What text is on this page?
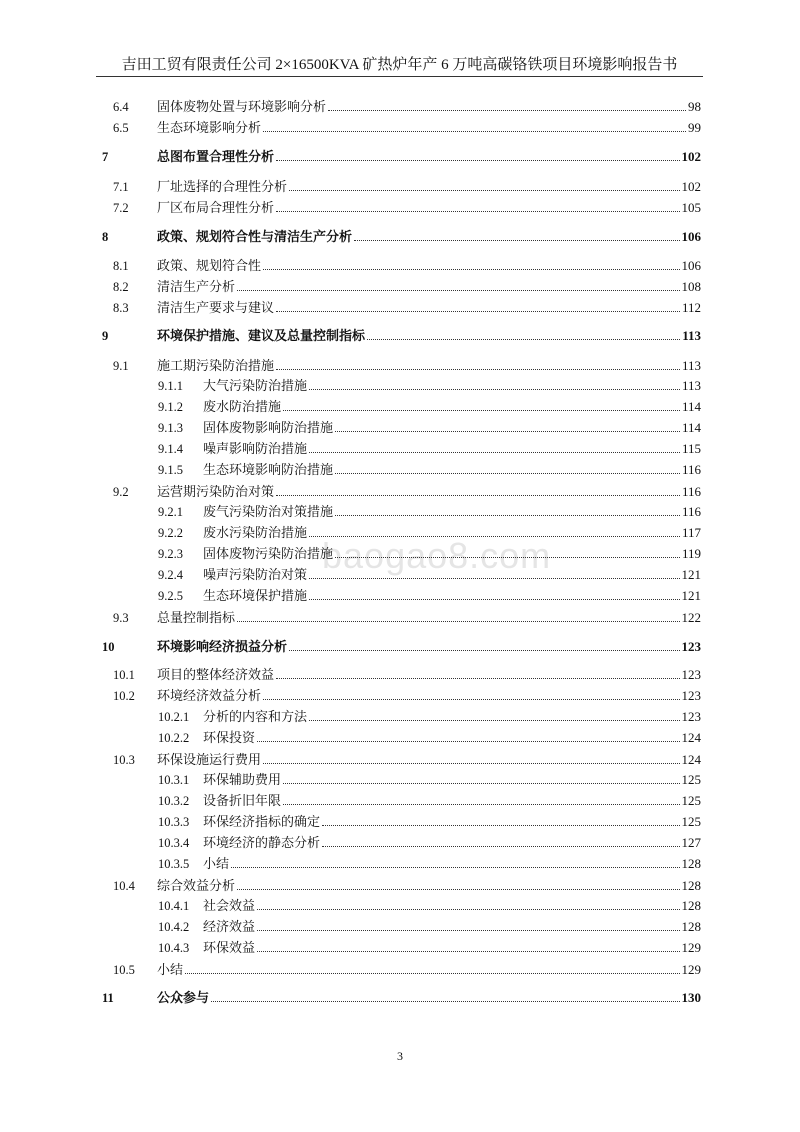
吉田工贸有限责任公司 2×16500KVA 矿热炉年产 6 万吨高碳铬铁项目环境影响报告书
baogao8.com
6.4 固体废物处置与环境影响分析	98
6.5 生态环境影响分析	99
7	总图布置合理性分析	102
7.1 厂址选择的合理性分析	102
7.2 厂区布局合理性分析	105
8	政策、规划符合性与清洁生产分析	106
8.1 政策、规划符合性	106
8.2 清洁生产分析	108
8.3 清洁生产要求与建议	112
9	环境保护措施、建议及总量控制指标	113
9.1 施工期污染防治措施	113
9.1.1 大气污染防治措施	113
9.1.2 废水防治措施	114
9.1.3 固体废物影响防治措施	114
9.1.4 噪声影响防治措施	115
9.1.5 生态环境影响防治措施	116
9.2 运营期污染防治对策	116
9.2.1 废气污染防治对策措施	116
9.2.2 废水污染防治措施	117
9.2.3 固体废物污染防治措施	119
9.2.4 噪声污染防治对策	121
9.2.5 生态环境保护措施	121
9.3 总量控制指标	122
10	环境影响经济损益分析	123
10.1 项目的整体经济效益	123
10.2 环境经济效益分析	123
10.2.1 分析的内容和方法	123
10.2.2 环保投资	124
10.3 环保设施运行费用	124
10.3.1 环保辅助费用	125
10.3.2 设备折旧年限	125
10.3.3 环保经济指标的确定	125
10.3.4 环境经济的静态分析	127
10.3.5 小结	128
10.4 综合效益分析	128
10.4.1 社会效益	128
10.4.2 经济效益	128
10.4.3 环保效益	129
10.5 小结	129
11	公众参与	130
3
